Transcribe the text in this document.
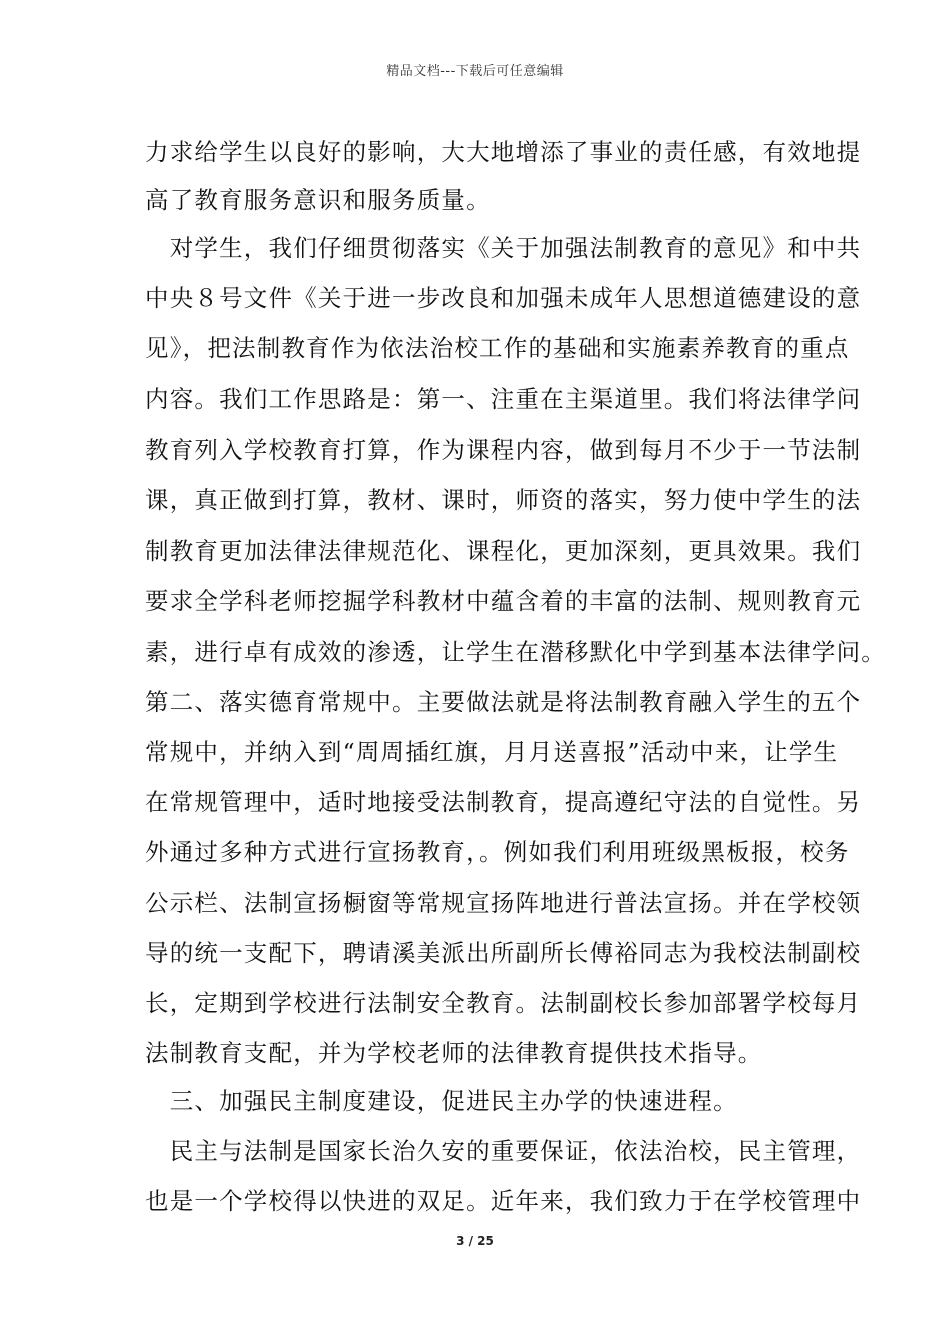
精品文档---下载后可任意编辑
力求给学生以良好的影响，大大地增添了事业的责任感，有效地提
高了教育服务意识和服务质量。
　对学生，我们仔细贯彻落实《关于加强法制教育的意见》和中共
中央８号文件《关于进一步改良和加强未成年人思想道德建设的意
见》，把法制教育作为依法治校工作的基础和实施素养教育的重点
内容。我们工作思路是：第一、注重在主渠道里。我们将法律学问
教育列入学校教育打算，作为课程内容，做到每月不少于一节法制
课，真正做到打算，教材、课时，师资的落实，努力使中学生的法
制教育更加法律法律规范化、课程化，更加深刻，更具效果。我们
要求全学科老师挖掘学科教材中蕴含着的丰富的法制、规则教育元
素，进行卓有成效的渗透，让学生在潜移默化中学到基本法律学问。
第二、落实德育常规中。主要做法就是将法制教育融入学生的五个
常规中，并纳入到“周周插红旗，月月送喜报”活动中来，让学生
在常规管理中，适时地接受法制教育，提高遵纪守法的自觉性。另
外通过多种方式进行宣扬教育，。例如我们利用班级黑板报，校务
公示栏、法制宣扬橱窗等常规宣扬阵地进行普法宣扬。并在学校领
导的统一支配下，聘请溪美派出所副所长傅裕同志为我校法制副校
长，定期到学校进行法制安全教育。法制副校长参加部署学校每月
法制教育支配，并为学校老师的法律教育提供技术指导。
　三、加强民主制度建设，促进民主办学的快速进程。
　民主与法制是国家长治久安的重要保证，依法治校，民主管理，
也是一个学校得以快进的双足。近年来，我们致力于在学校管理中
3 / 25
